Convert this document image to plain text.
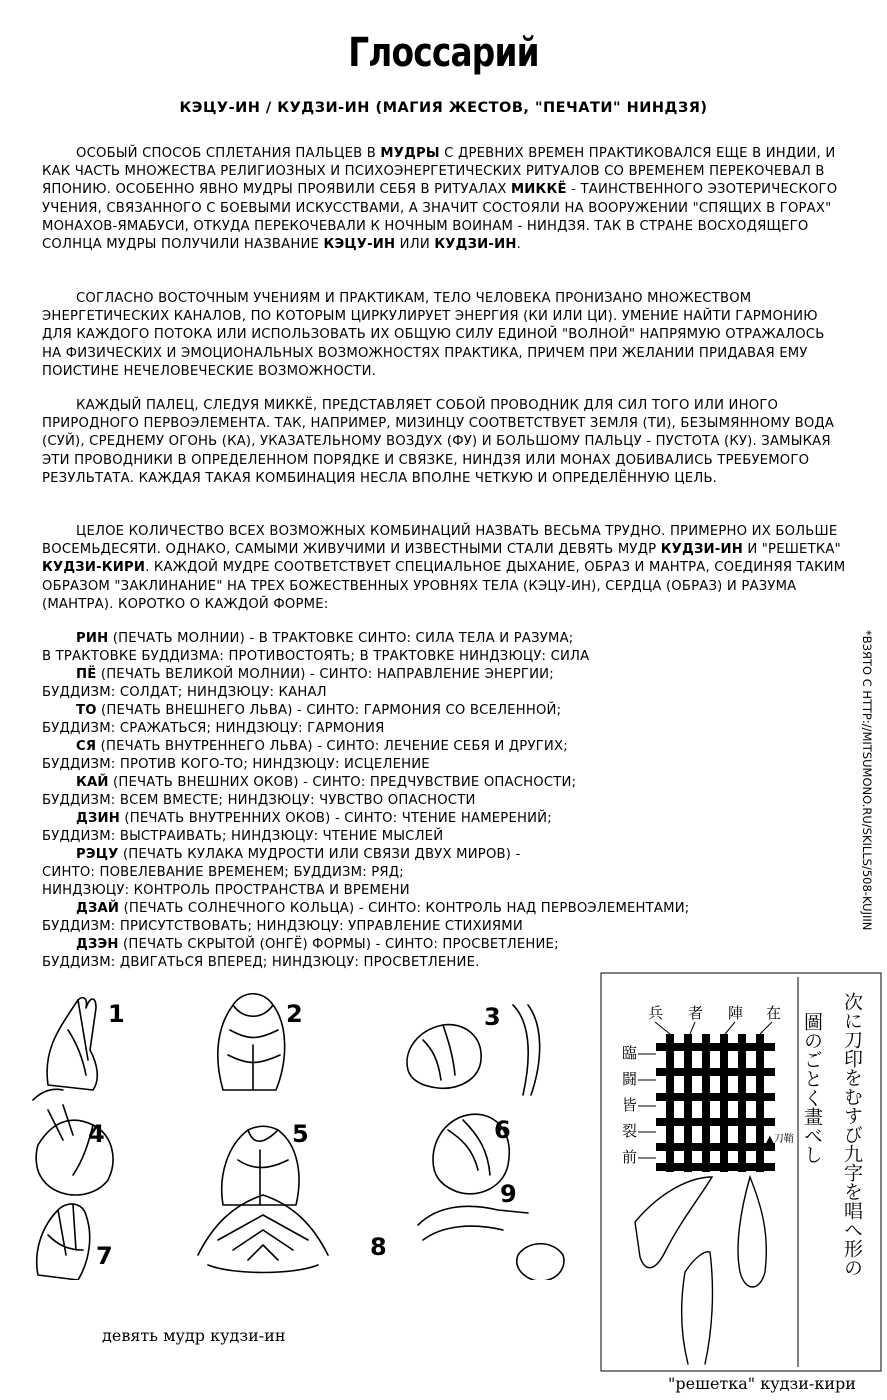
Глоссарий
КЭЦУ-ИН / КУДЗИ-ИН (МАГИЯ ЖЕСТОВ, "ПЕЧАТИ" НИНДЗЯ)

ОСОБЫЙ СПОСОБ СПЛЕТАНИЯ ПАЛЬЦЕВ В МУДРЫ С ДРЕВНИХ ВРЕМЕН ПРАКТИКОВАЛСЯ ЕЩЕ В ИНДИИ, И КАК ЧАСТЬ МНОЖЕСТВА РЕЛИГИОЗНЫХ И ПСИХОЭНЕРГЕТИЧЕСКИХ РИТУАЛОВ СО ВРЕМЕНЕМ ПЕРЕКОЧЕВАЛ В ЯПОНИЮ. ОСОБЕННО ЯВНО МУДРЫ ПРОЯВИЛИ СЕБЯ В РИТУАЛАХ МИККЁ - ТАИНСТВЕННОГО ЭЗОТЕРИЧЕСКОГО УЧЕНИЯ, СВЯЗАННОГО С БОЕВЫМИ ИСКУССТВАМИ, А ЗНАЧИТ СОСТОЯЛИ НА ВООРУЖЕНИИ "СПЯЩИХ В ГОРАХ" МОНАХОВ-ЯМАБУСИ, ОТКУДА ПЕРЕКОЧЕВАЛИ К НОЧНЫМ ВОИНАМ - НИНДЗЯ. ТАК В СТРАНЕ ВОСХОДЯЩЕГО СОЛНЦА МУДРЫ ПОЛУЧИЛИ НАЗВАНИЕ КЭЦУ-ИН ИЛИ КУДЗИ-ИН.

СОГЛАСНО ВОСТОЧНЫМ УЧЕНИЯМ И ПРАКТИКАМ, ТЕЛО ЧЕЛОВЕКА ПРОНИЗАНО МНОЖЕСТВОМ ЭНЕРГЕТИЧЕСКИХ КАНАЛОВ, ПО КОТОРЫМ ЦИРКУЛИРУЕТ ЭНЕРГИЯ (КИ ИЛИ ЦИ). УМЕНИЕ НАЙТИ ГАРМОНИЮ ДЛЯ КАЖДОГО ПОТОКА ИЛИ ИСПОЛЬЗОВАТЬ ИХ ОБЩУЮ СИЛУ ЕДИНОЙ "ВОЛНОЙ" НАПРЯМУЮ ОТРАЖАЛОСЬ НА ФИЗИЧЕСКИХ И ЭМОЦИОНАЛЬНЫХ ВОЗМОЖНОСТЯХ ПРАКТИКА, ПРИЧЕМ ПРИ ЖЕЛАНИИ ПРИДАВАЯ ЕМУ ПОИСТИНЕ НЕЧЕЛОВЕЧЕСКИЕ ВОЗМОЖНОСТИ.

КАЖДЫЙ ПАЛЕЦ, СЛЕДУЯ МИККЁ, ПРЕДСТАВЛЯЕТ СОБОЙ ПРОВОДНИК ДЛЯ СИЛ ТОГО ИЛИ ИНОГО ПРИРОДНОГО ПЕРВОЭЛЕМЕНТА. ТАК, НАПРИМЕР, МИЗИНЦУ СООТВЕТСТВУЕТ ЗЕМЛЯ (ТИ), БЕЗЫМЯННОМУ ВОДА (СУЙ), СРЕДНЕМУ ОГОНЬ (КА), УКАЗАТЕЛЬНОМУ ВОЗДУХ (ФУ) И БОЛЬШОМУ ПАЛЬЦУ - ПУСТОТА (КУ). ЗАМЫКАЯ ЭТИ ПРОВОДНИКИ В ОПРЕДЕЛЕННОМ ПОРЯДКЕ И СВЯЗКЕ, НИНДЗЯ ИЛИ МОНАХ ДОБИВАЛИСЬ ТРЕБУЕМОГО РЕЗУЛЬТАТА. КАЖДАЯ ТАКАЯ КОМБИНАЦИЯ НЕСЛА ВПОЛНЕ ЧЕТКУЮ И ОПРЕДЕЛЁННУЮ ЦЕЛЬ.

ЦЕЛОЕ КОЛИЧЕСТВО ВСЕХ ВОЗМОЖНЫХ КОМБИНАЦИЙ НАЗВАТЬ ВЕСЬМА ТРУДНО. ПРИМЕРНО ИХ БОЛЬШЕ ВОСЕМЬДЕСЯТИ. ОДНАКО, САМЫМИ ЖИВУЧИМИ И ИЗВЕСТНЫМИ СТАЛИ ДЕВЯТЬ МУДР КУДЗИ-ИН И "РЕШЕТКА" КУДЗИ-КИРИ. КАЖДОЙ МУДРЕ СООТВЕТСТВУЕТ СПЕЦИАЛЬНОЕ ДЫХАНИЕ, ОБРАЗ И МАНТРА, СОЕДИНЯЯ ТАКИМ ОБРАЗОМ "ЗАКЛИНАНИЕ" НА ТРЕХ БОЖЕСТВЕННЫХ УРОВНЯХ ТЕЛА (КЭЦУ-ИН), СЕРДЦА (ОБРАЗ) И РАЗУМА (МАНТРА). КОРОТКО О КАЖДОЙ ФОРМЕ:

РИН (ПЕЧАТЬ МОЛНИИ) - В ТРАКТОВКЕ СИНТО: СИЛА ТЕЛА И РАЗУМА;
В ТРАКТОВКЕ БУДДИЗМА: ПРОТИВОСТОЯТЬ; В ТРАКТОВКЕ НИНДЗЮЦУ: СИЛА
ПЁ (ПЕЧАТЬ ВЕЛИКОЙ МОЛНИИ) - СИНТО: НАПРАВЛЕНИЕ ЭНЕРГИИ;
БУДДИЗМ: СОЛДАТ; НИНДЗЮЦУ: КАНАЛ
ТО (ПЕЧАТЬ ВНЕШНЕГО ЛЬВА) - СИНТО: ГАРМОНИЯ СО ВСЕЛЕННОЙ;
БУДДИЗМ: СРАЖАТЬСЯ; НИНДЗЮЦУ: ГАРМОНИЯ
СЯ (ПЕЧАТЬ ВНУТРЕННЕГО ЛЬВА) - СИНТО: ЛЕЧЕНИЕ СЕБЯ И ДРУГИХ;
БУДДИЗМ: ПРОТИВ КОГО-ТО; НИНДЗЮЦУ: ИСЦЕЛЕНИЕ
КАЙ (ПЕЧАТЬ ВНЕШНИХ ОКОВ) - СИНТО: ПРЕДЧУВСТВИЕ ОПАСНОСТИ;
БУДДИЗМ: ВСЕМ ВМЕСТЕ; НИНДЗЮЦУ: ЧУВСТВО ОПАСНОСТИ
ДЗИН (ПЕЧАТЬ ВНУТРЕННИХ ОКОВ) - СИНТО: ЧТЕНИЕ НАМЕРЕНИЙ;
БУДДИЗМ: ВЫСТРАИВАТЬ; НИНДЗЮЦУ: ЧТЕНИЕ МЫСЛЕЙ
РЭЦУ (ПЕЧАТЬ КУЛАКА МУДРОСТИ ИЛИ СВЯЗИ ДВУХ МИРОВ) -
СИНТО: ПОВЕЛЕВАНИЕ ВРЕМЕНЕМ; БУДДИЗМ: РЯД;
НИНДЗЮЦУ: КОНТРОЛЬ ПРОСТРАНСТВА И ВРЕМЕНИ
ДЗАЙ (ПЕЧАТЬ СОЛНЕЧНОГО КОЛЬЦА) - СИНТО: КОНТРОЛЬ НАД ПЕРВОЭЛЕМЕНТАМИ;
БУДДИЗМ: ПРИСУТСТВОВАТЬ; НИНДЗЮЦУ: УПРАВЛЕНИЕ СТИХИЯМИ
ДЗЭН (ПЕЧАТЬ СКРЫТОЙ (ОНГЁ) ФОРМЫ) - СИНТО: ПРОСВЕТЛЕНИЕ;
БУДДИЗМ: ДВИГАТЬСЯ ВПЕРЕД; НИНДЗЮЦУ: ПРОСВЕТЛЕНИЕ.
*ВЗЯТО С HTTP://MITSUMONO.RU/SKILLS/508-KUJIIN
1	2	3
4	5	6
7	8
9
девять мудр кудзи-ин
兵 者 陣 在
臨
闘
皆
裂
前	圖のごとく畫べし 次に刀印をむすび九字を唱へ形の
▲刀鞘
"решетка" кудзи-кири
